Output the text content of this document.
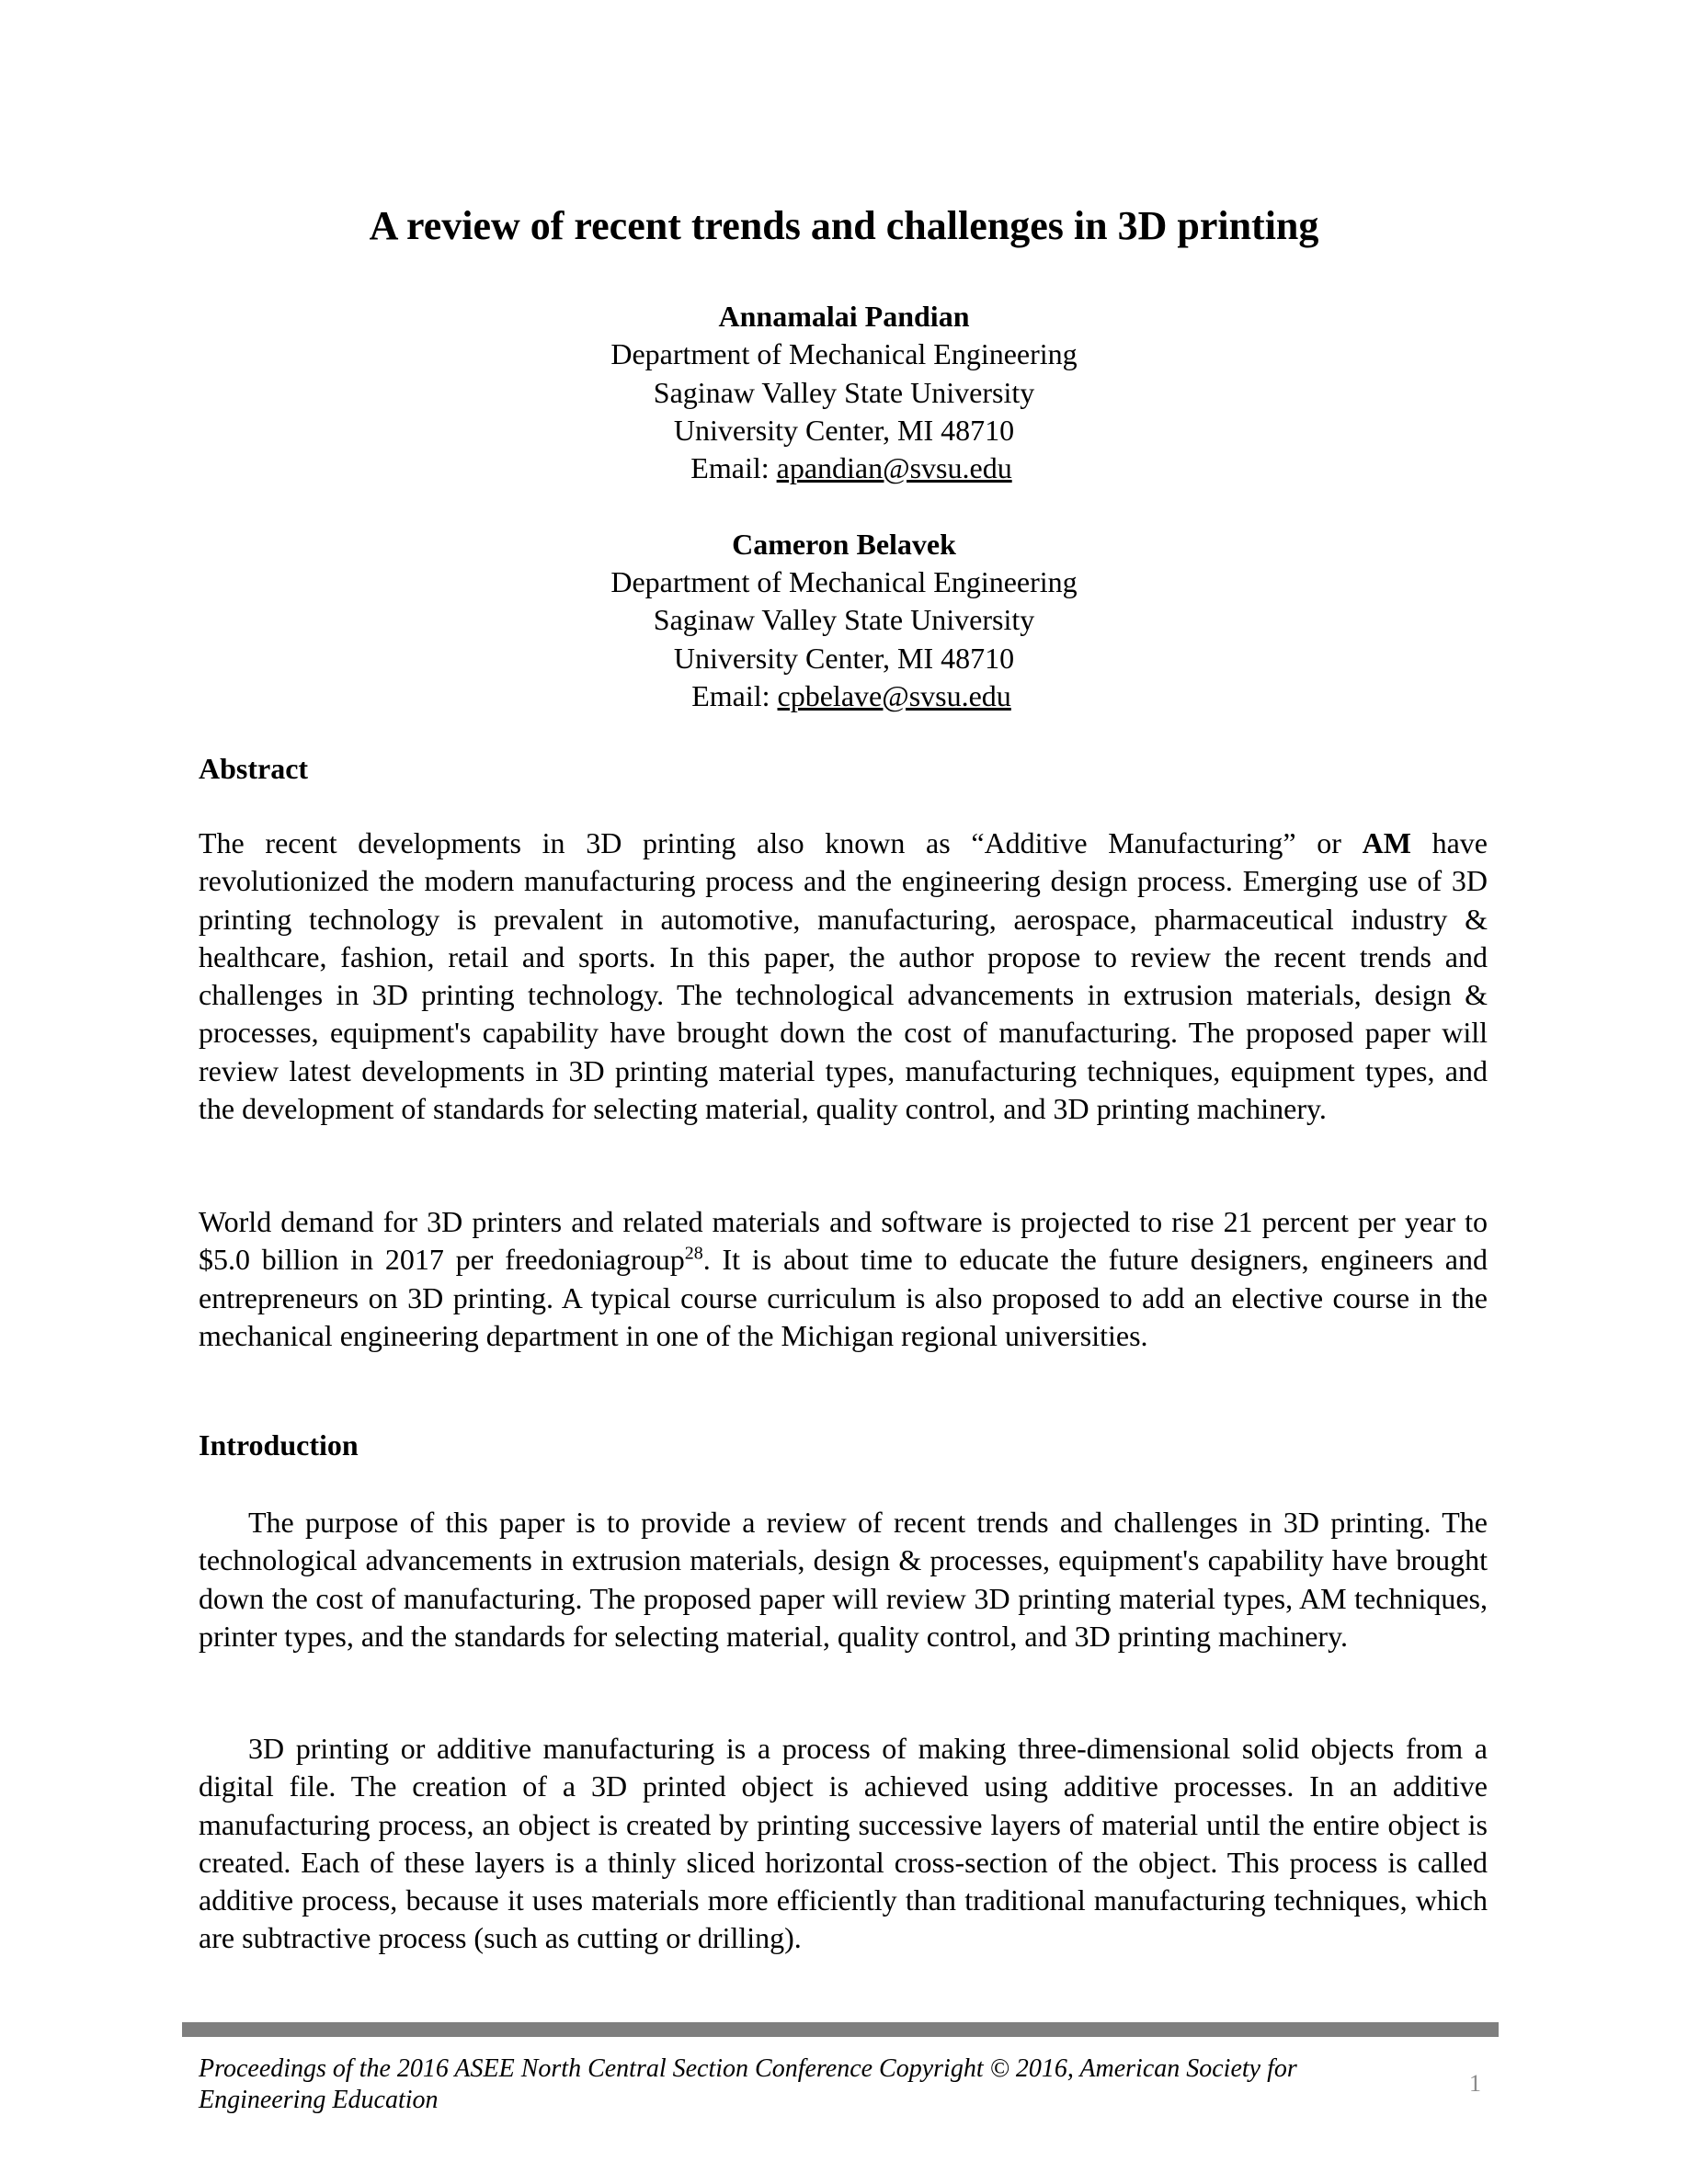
A review of recent trends and challenges in 3D printing
Annamalai Pandian
Department of Mechanical Engineering
Saginaw Valley State University
University Center, MI 48710
Email: apandian@svsu.edu
Cameron Belavek
Department of Mechanical Engineering
Saginaw Valley State University
University Center, MI 48710
Email: cpbelave@svsu.edu
Abstract

The recent developments in 3D printing also known as “Additive Manufacturing” or AM have revolutionized the modern manufacturing process and the engineering design process. Emerging use of 3D printing technology is prevalent in automotive, manufacturing, aerospace, pharmaceutical industry & healthcare, fashion, retail and sports. In this paper, the author propose to review the recent trends and challenges in 3D printing technology. The technological advancements in extrusion materials, design & processes, equipment's capability have brought down the cost of manufacturing. The proposed paper will review latest developments in 3D printing material types, manufacturing techniques, equipment types, and the development of standards for selecting material, quality control, and 3D printing machinery.

World demand for 3D printers and related materials and software is projected to rise 21 percent per year to $5.0 billion in 2017 per freedoniagroup$^{28}$. It is about time to educate the future designers, engineers and entrepreneurs on 3D printing. A typical course curriculum is also proposed to add an elective course in the mechanical engineering department in one of the Michigan regional universities.

Introduction

The purpose of this paper is to provide a review of recent trends and challenges in 3D printing. The technological advancements in extrusion materials, design & processes, equipment's capability have brought down the cost of manufacturing. The proposed paper will review 3D printing material types, AM techniques, printer types, and the standards for selecting material, quality control, and 3D printing machinery.

3D printing or additive manufacturing is a process of making three-dimensional solid objects from a digital file. The creation of a 3D printed object is achieved using additive processes. In an additive manufacturing process, an object is created by printing successive layers of material until the entire object is created. Each of these layers is a thinly sliced horizontal cross-section of the object. This process is called additive process, because it uses materials more efficiently than traditional manufacturing techniques, which are subtractive process (such as cutting or drilling).

Proceedings of the 2016 ASEE North Central Section Conference Copyright © 2016, American Society for Engineering Education
1
